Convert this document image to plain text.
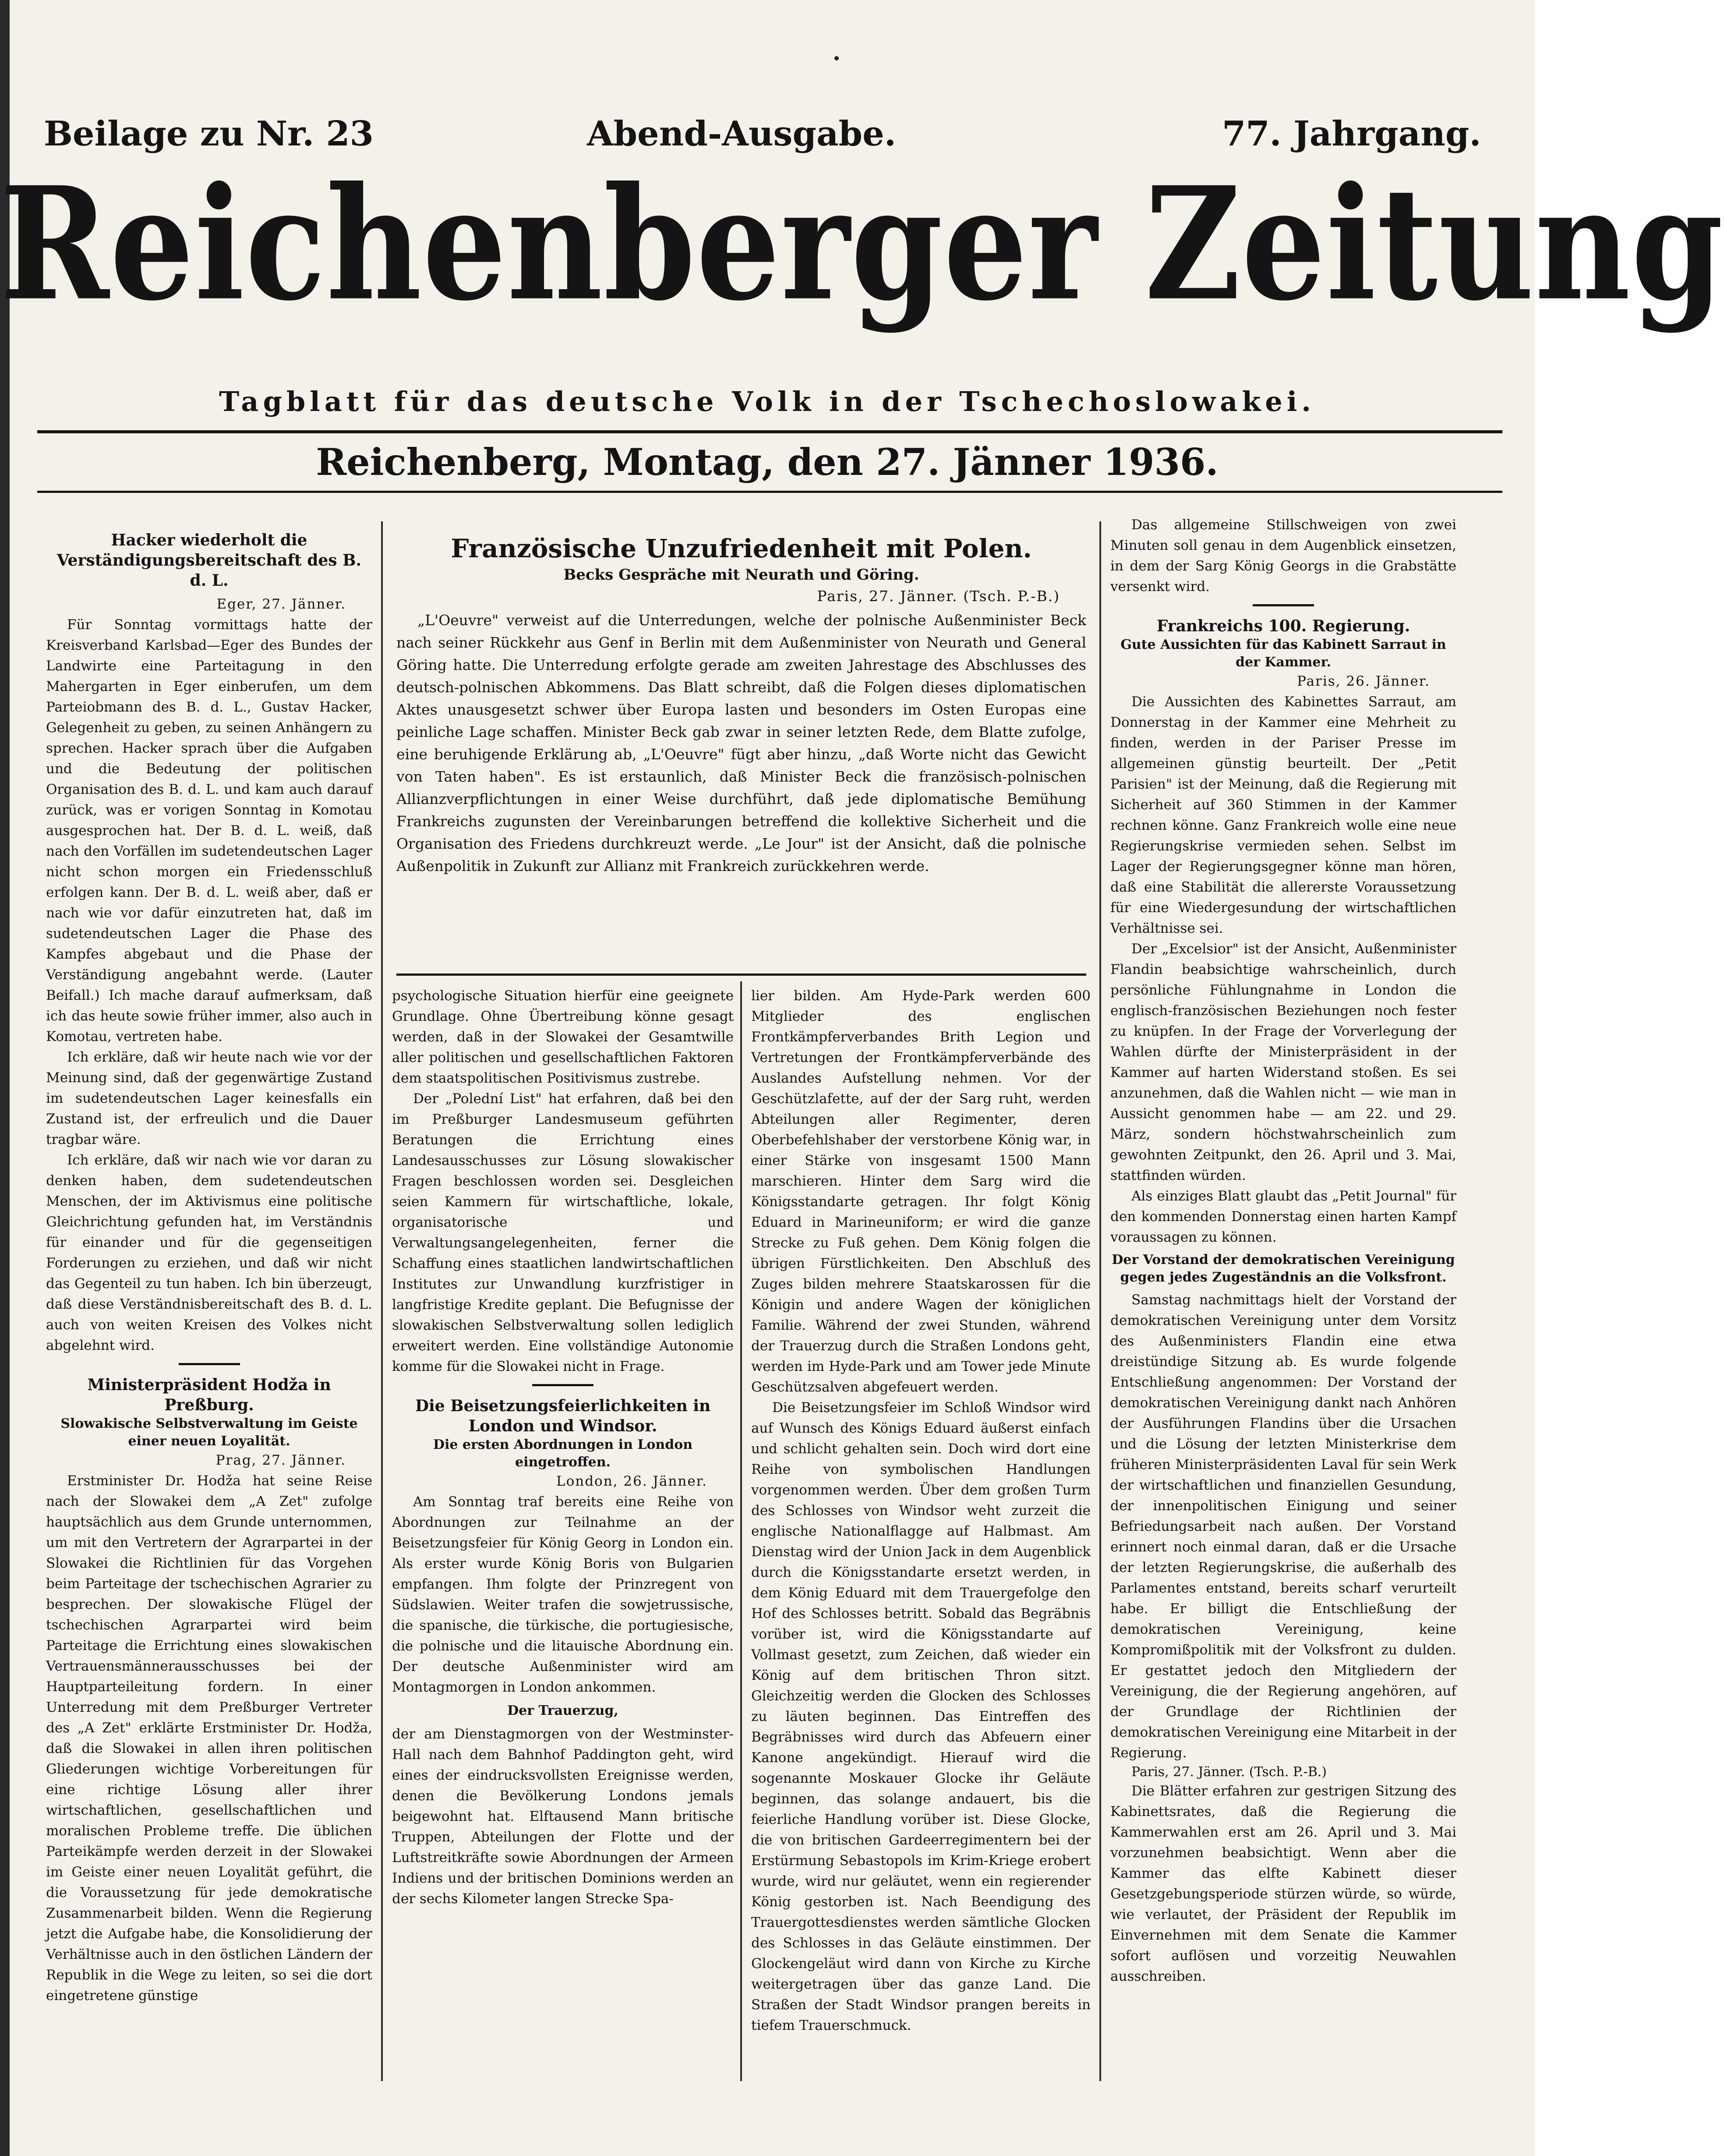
Beilage zu Nr. 23	Abend-Ausgabe.	77. Jahrgang.
Reichenberger Zeitung
Tagblatt für das deutsche Volk in der Tschechoslowakei.
Reichenberg, Montag, den 27. Jänner 1936.
Hacker wiederholt die Verständigungsbereitschaft des B. d. L.
Eger, 27. Jänner.

Für Sonntag vormittags hatte der Kreisverband Karlsbad—Eger des Bundes der Landwirte eine Parteitagung in den Mahergarten in Eger einberufen, um dem Parteiobmann des B. d. L., Gustav Hacker, Gelegenheit zu geben, zu seinen Anhängern zu sprechen. Hacker sprach über die Aufgaben und die Bedeutung der politischen Organisation des B. d. L. und kam auch darauf zurück, was er vorigen Sonntag in Komotau ausgesprochen hat. Der B. d. L. weiß, daß nach den Vorfällen im sudetendeutschen Lager nicht schon morgen ein Friedensschluß erfolgen kann. Der B. d. L. weiß aber, daß er nach wie vor dafür einzutreten hat, daß im sudetendeutschen Lager die Phase des Kampfes abgebaut und die Phase der Verständigung angebahnt werde. (Lauter Beifall.) Ich mache darauf aufmerksam, daß ich das heute sowie früher immer, also auch in Komotau, vertreten habe.

Ich erkläre, daß wir heute nach wie vor der Meinung sind, daß der gegenwärtige Zustand im sudetendeutschen Lager keinesfalls ein Zustand ist, der erfreulich und die Dauer tragbar wäre.

Ich erkläre, daß wir nach wie vor daran zu denken haben, dem sudetendeutschen Menschen, der im Aktivismus eine politische Gleichrichtung gefunden hat, im Verständnis für einander und für die gegenseitigen Forderungen zu erziehen, und daß wir nicht das Gegenteil zu tun haben. Ich bin überzeugt, daß diese Verständnisbereitschaft des B. d. L. auch von weiten Kreisen des Volkes nicht abgelehnt wird.

Ministerpräsident Hodža in Preßburg.
Slowakische Selbstverwaltung im Geiste einer neuen Loyalität.
Prag, 27. Jänner.

Erstminister Dr. Hodža hat seine Reise nach der Slowakei dem „A Zet" zufolge hauptsächlich aus dem Grunde unternommen, um mit den Vertretern der Agrarpartei in der Slowakei die Richtlinien für das Vorgehen beim Parteitage der tschechischen Agrarier zu besprechen. Der slowakische Flügel der tschechischen Agrarpartei wird beim Parteitage die Errichtung eines slowakischen Vertrauensmännerausschusses bei der Hauptparteileitung fordern. In einer Unterredung mit dem Preßburger Vertreter des „A Zet" erklärte Erstminister Dr. Hodža, daß die Slowakei in allen ihren politischen Gliederungen wichtige Vorbereitungen für eine richtige Lösung aller ihrer wirtschaftlichen, gesellschaftlichen und moralischen Probleme treffe. Die üblichen Parteikämpfe werden derzeit in der Slowakei im Geiste einer neuen Loyalität geführt, die die Voraussetzung für jede demokratische Zusammenarbeit bilden. Wenn die Regierung jetzt die Aufgabe habe, die Konsolidierung der Verhältnisse auch in den östlichen Ländern der Republik in die Wege zu leiten, so sei die dort eingetretene günstige

Französische Unzufriedenheit mit Polen.
Becks Gespräche mit Neurath und Göring.
Paris, 27. Jänner. (Tsch. P.-B.)

„L'Oeuvre" verweist auf die Unterredungen, welche der polnische Außenminister Beck nach seiner Rückkehr aus Genf in Berlin mit dem Außenminister von Neurath und General Göring hatte. Die Unterredung erfolgte gerade am zweiten Jahrestage des Abschlusses des deutsch-polnischen Abkommens. Das Blatt schreibt, daß die Folgen dieses diplomatischen Aktes unausgesetzt schwer über Europa lasten und besonders im Osten Europas eine peinliche Lage schaffen. Minister Beck gab zwar in seiner letzten Rede, dem Blatte zufolge, eine beruhigende Erklärung ab, „L'Oeuvre" fügt aber hinzu, „daß Worte nicht das Gewicht von Taten haben". Es ist erstaunlich, daß Minister Beck die französisch-polnischen Allianzverpflichtungen in einer Weise durchführt, daß jede diplomatische Bemühung Frankreichs zugunsten der Vereinbarungen betreffend die kollektive Sicherheit und die Organisation des Friedens durchkreuzt werde. „Le Jour" ist der Ansicht, daß die polnische Außenpolitik in Zukunft zur Allianz mit Frankreich zurückkehren werde.

psychologische Situation hierfür eine geeignete Grundlage. Ohne Übertreibung könne gesagt werden, daß in der Slowakei der Gesamtwille aller politischen und gesellschaftlichen Faktoren dem staatspolitischen Positivismus zustrebe.

Der „Polední List" hat erfahren, daß bei den im Preßburger Landesmuseum geführten Beratungen die Errichtung eines Landesausschusses zur Lösung slowakischer Fragen beschlossen worden sei. Desgleichen seien Kammern für wirtschaftliche, lokale, organisatorische und Verwaltungsangelegenheiten, ferner die Schaffung eines staatlichen landwirtschaftlichen Institutes zur Unwandlung kurzfristiger in langfristige Kredite geplant. Die Befugnisse der slowakischen Selbstverwaltung sollen lediglich erweitert werden. Eine vollständige Autonomie komme für die Slowakei nicht in Frage.

Die Beisetzungsfeierlichkeiten in London und Windsor.
Die ersten Abordnungen in London eingetroffen.
London, 26. Jänner.

Am Sonntag traf bereits eine Reihe von Abordnungen zur Teilnahme an der Beisetzungsfeier für König Georg in London ein. Als erster wurde König Boris von Bulgarien empfangen. Ihm folgte der Prinzregent von Südslawien. Weiter trafen die sowjetrussische, die spanische, die türkische, die portugiesische, die polnische und die litauische Abordnung ein. Der deutsche Außenminister wird am Montagmorgen in London ankommen.

Der Trauerzug,

der am Dienstagmorgen von der Westminster-Hall nach dem Bahnhof Paddington geht, wird eines der eindrucksvollsten Ereignisse werden, denen die Bevölkerung Londons jemals beigewohnt hat. Elftausend Mann britische Truppen, Abteilungen der Flotte und der Luftstreitkräfte sowie Abordnungen der Armeen Indiens und der britischen Dominions werden an der sechs Kilometer langen Strecke Spa-

lier bilden. Am Hyde-Park werden 600 Mitglieder des englischen Frontkämpferverbandes Brith Legion und Vertretungen der Frontkämpferverbände des Auslandes Aufstellung nehmen. Vor der Geschützlafette, auf der der Sarg ruht, werden Abteilungen aller Regimenter, deren Oberbefehlshaber der verstorbene König war, in einer Stärke von insgesamt 1500 Mann marschieren. Hinter dem Sarg wird die Königsstandarte getragen. Ihr folgt König Eduard in Marineuniform; er wird die ganze Strecke zu Fuß gehen. Dem König folgen die übrigen Fürstlichkeiten. Den Abschluß des Zuges bilden mehrere Staatskarossen für die Königin und andere Wagen der königlichen Familie. Während der zwei Stunden, während der Trauerzug durch die Straßen Londons geht, werden im Hyde-Park und am Tower jede Minute Geschützsalven abgefeuert werden.

Die Beisetzungsfeier im Schloß Windsor wird auf Wunsch des Königs Eduard äußerst einfach und schlicht gehalten sein. Doch wird dort eine Reihe von symbolischen Handlungen vorgenommen werden. Über dem großen Turm des Schlosses von Windsor weht zurzeit die englische Nationalflagge auf Halbmast. Am Dienstag wird der Union Jack in dem Augenblick durch die Königsstandarte ersetzt werden, in dem König Eduard mit dem Trauergefolge den Hof des Schlosses betritt. Sobald das Begräbnis vorüber ist, wird die Königsstandarte auf Vollmast gesetzt, zum Zeichen, daß wieder ein König auf dem britischen Thron sitzt. Gleichzeitig werden die Glocken des Schlosses zu läuten beginnen. Das Eintreffen des Begräbnisses wird durch das Abfeuern einer Kanone angekündigt. Hierauf wird die sogenannte Moskauer Glocke ihr Geläute beginnen, das solange andauert, bis die feierliche Handlung vorüber ist. Diese Glocke, die von britischen Gardeerregimentern bei der Erstürmung Sebastopols im Krim-Kriege erobert wurde, wird nur geläutet, wenn ein regierender König gestorben ist. Nach Beendigung des Trauergottesdienstes werden sämtliche Glocken des Schlosses in das Geläute einstimmen. Der Glockengeläut wird dann von Kirche zu Kirche weitergetragen über das ganze Land. Die Straßen der Stadt Windsor prangen bereits in tiefem Trauerschmuck.

Das allgemeine Stillschweigen von zwei Minuten soll genau in dem Augenblick einsetzen, in dem der Sarg König Georgs in die Grabstätte versenkt wird.

Frankreichs 100. Regierung.
Gute Aussichten für das Kabinett Sarraut in der Kammer.
Paris, 26. Jänner.

Die Aussichten des Kabinettes Sarraut, am Donnerstag in der Kammer eine Mehrheit zu finden, werden in der Pariser Presse im allgemeinen günstig beurteilt. Der „Petit Parisien" ist der Meinung, daß die Regierung mit Sicherheit auf 360 Stimmen in der Kammer rechnen könne. Ganz Frankreich wolle eine neue Regierungskrise vermieden sehen. Selbst im Lager der Regierungsgegner könne man hören, daß eine Stabilität die allererste Voraussetzung für eine Wiedergesundung der wirtschaftlichen Verhältnisse sei.

Der „Excelsior" ist der Ansicht, Außenminister Flandin beabsichtige wahrscheinlich, durch persönliche Fühlungnahme in London die englisch-französischen Beziehungen noch fester zu knüpfen. In der Frage der Vorverlegung der Wahlen dürfte der Ministerpräsident in der Kammer auf harten Widerstand stoßen. Es sei anzunehmen, daß die Wahlen nicht — wie man in Aussicht genommen habe — am 22. und 29. März, sondern höchstwahrscheinlich zum gewohnten Zeitpunkt, den 26. April und 3. Mai, stattfinden würden.

Als einziges Blatt glaubt das „Petit Journal" für den kommenden Donnerstag einen harten Kampf voraussagen zu können.

Der Vorstand der demokratischen Vereinigung gegen jedes Zugeständnis an die Volksfront.

Samstag nachmittags hielt der Vorstand der demokratischen Vereinigung unter dem Vorsitz des Außenministers Flandin eine etwa dreistündige Sitzung ab. Es wurde folgende Entschließung angenommen: Der Vorstand der demokratischen Vereinigung dankt nach Anhören der Ausführungen Flandins über die Ursachen und die Lösung der letzten Ministerkrise dem früheren Ministerpräsidenten Laval für sein Werk der wirtschaftlichen und finanziellen Gesundung, der innenpolitischen Einigung und seiner Befriedungsarbeit nach außen. Der Vorstand erinnert noch einmal daran, daß er die Ursache der letzten Regierungskrise, die außerhalb des Parlamentes entstand, bereits scharf verurteilt habe. Er billigt die Entschließung der demokratischen Vereinigung, keine Kompromißpolitik mit der Volksfront zu dulden. Er gestattet jedoch den Mitgliedern der Vereinigung, die der Regierung angehören, auf der Grundlage der Richtlinien der demokratischen Vereinigung eine Mitarbeit in der Regierung.

Paris, 27. Jänner. (Tsch. P.-B.)

Die Blätter erfahren zur gestrigen Sitzung des Kabinettsrates, daß die Regierung die Kammerwahlen erst am 26. April und 3. Mai vorzunehmen beabsichtigt. Wenn aber die Kammer das elfte Kabinett dieser Gesetzgebungsperiode stürzen würde, so würde, wie verlautet, der Präsident der Republik im Einvernehmen mit dem Senate die Kammer sofort auflösen und vorzeitig Neuwahlen ausschreiben.
